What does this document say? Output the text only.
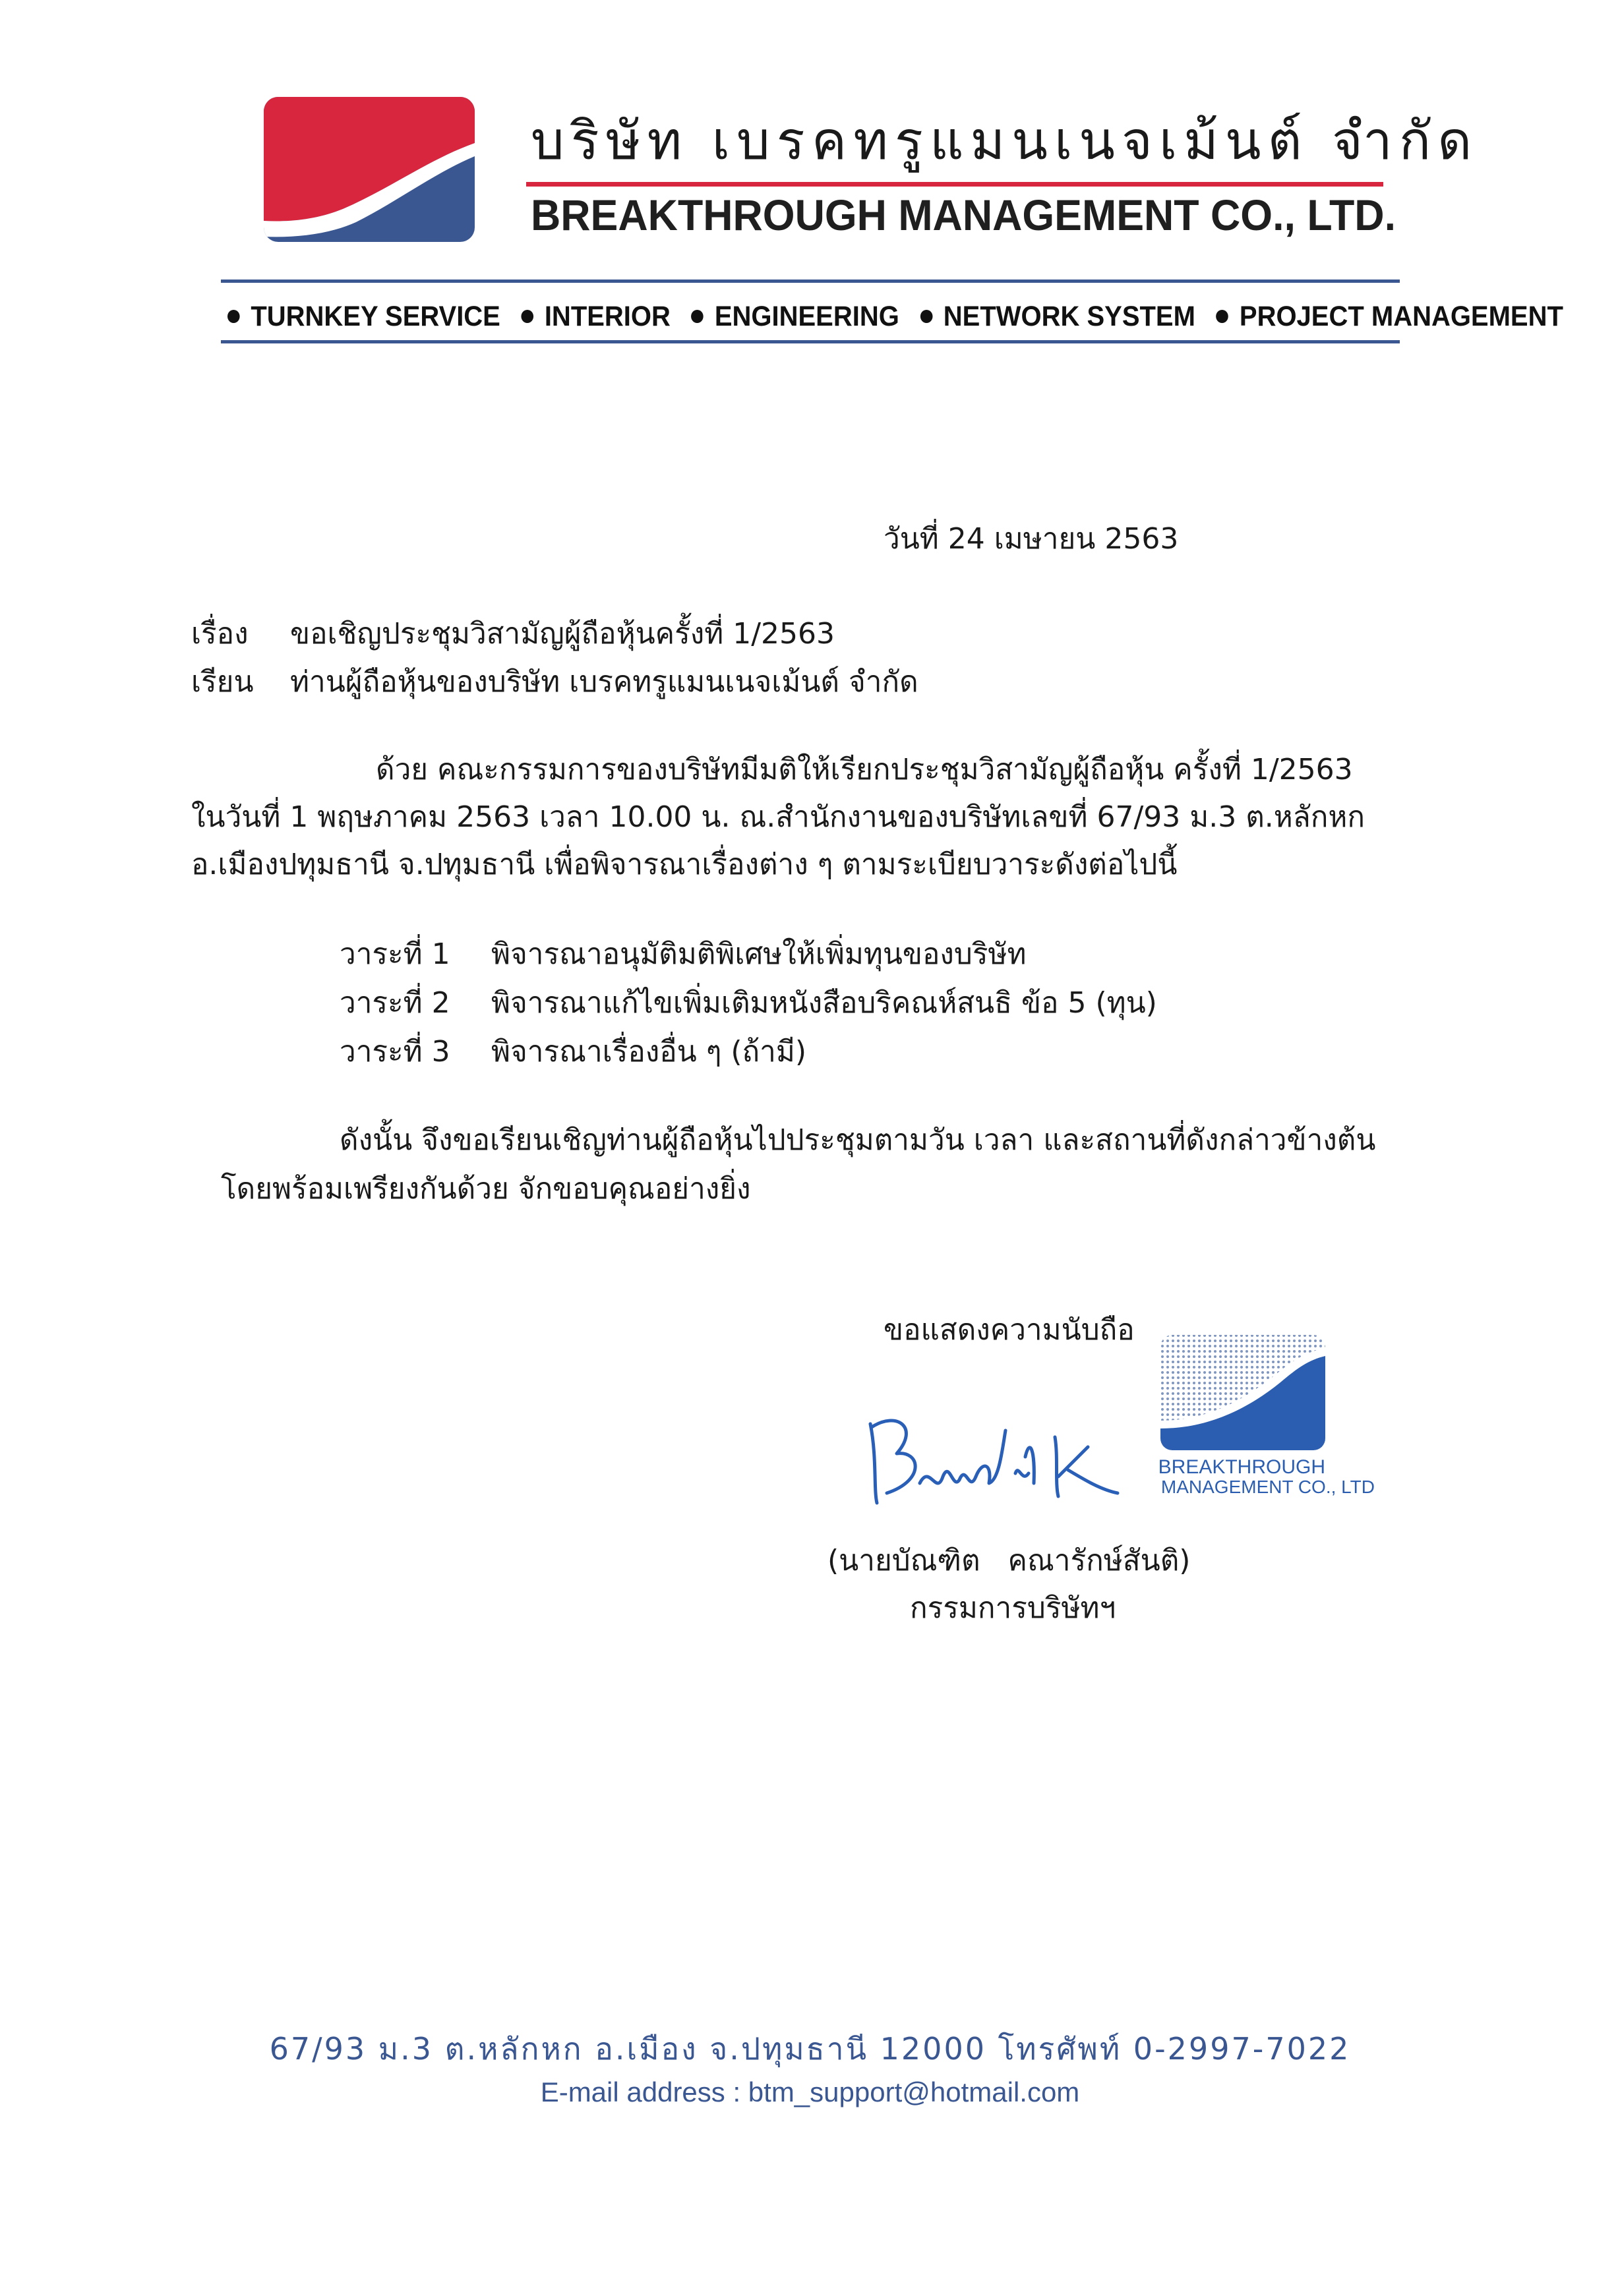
บริษัท เบรคทรูแมนเนจเม้นต์ จำกัด
BREAKTHROUGH MANAGEMENT CO., LTD.
TURNKEY SERVICE INTERIOR ENGINEERING NETWORK SYSTEM PROJECT MANAGEMENT
วันที่ 24 เมษายน 2563
เรื่อง ขอเชิญประชุมวิสามัญผู้ถือหุ้นครั้งที่ 1/2563
เรียน ท่านผู้ถือหุ้นของบริษัท เบรคทรูแมนเนจเม้นต์ จำกัด
ด้วย คณะกรรมการของบริษัทมีมติให้เรียกประชุมวิสามัญผู้ถือหุ้น ครั้งที่ 1/2563
ในวันที่ 1 พฤษภาคม 2563 เวลา 10.00 น. ณ.สำนักงานของบริษัทเลขที่ 67/93 ม.3 ต.หลักหก
อ.เมืองปทุมธานี จ.ปทุมธานี เพื่อพิจารณาเรื่องต่าง ๆ ตามระเบียบวาระดังต่อไปนี้
วาระที่ 1 พิจารณาอนุมัติมติพิเศษให้เพิ่มทุนของบริษัท
วาระที่ 2 พิจารณาแก้ไขเพิ่มเติมหนังสือบริคณห์สนธิ ข้อ 5 (ทุน)
วาระที่ 3 พิจารณาเรื่องอื่น ๆ (ถ้ามี)
ดังนั้น จึงขอเรียนเชิญท่านผู้ถือหุ้นไปประชุมตามวัน เวลา และสถานที่ดังกล่าวข้างต้น
โดยพร้อมเพรียงกันด้วย จักขอบคุณอย่างยิ่ง
ขอแสดงความนับถือ
BREAKTHROUGH
MANAGEMENT CO., LTD
(นายบัณฑิต   คณารักษ์สันติ)
กรรมการบริษัทฯ
67/93 ม.3 ต.หลักหก อ.เมือง จ.ปทุมธานี 12000 โทรศัพท์ 0-2997-7022
E-mail address : btm_support@hotmail.com
